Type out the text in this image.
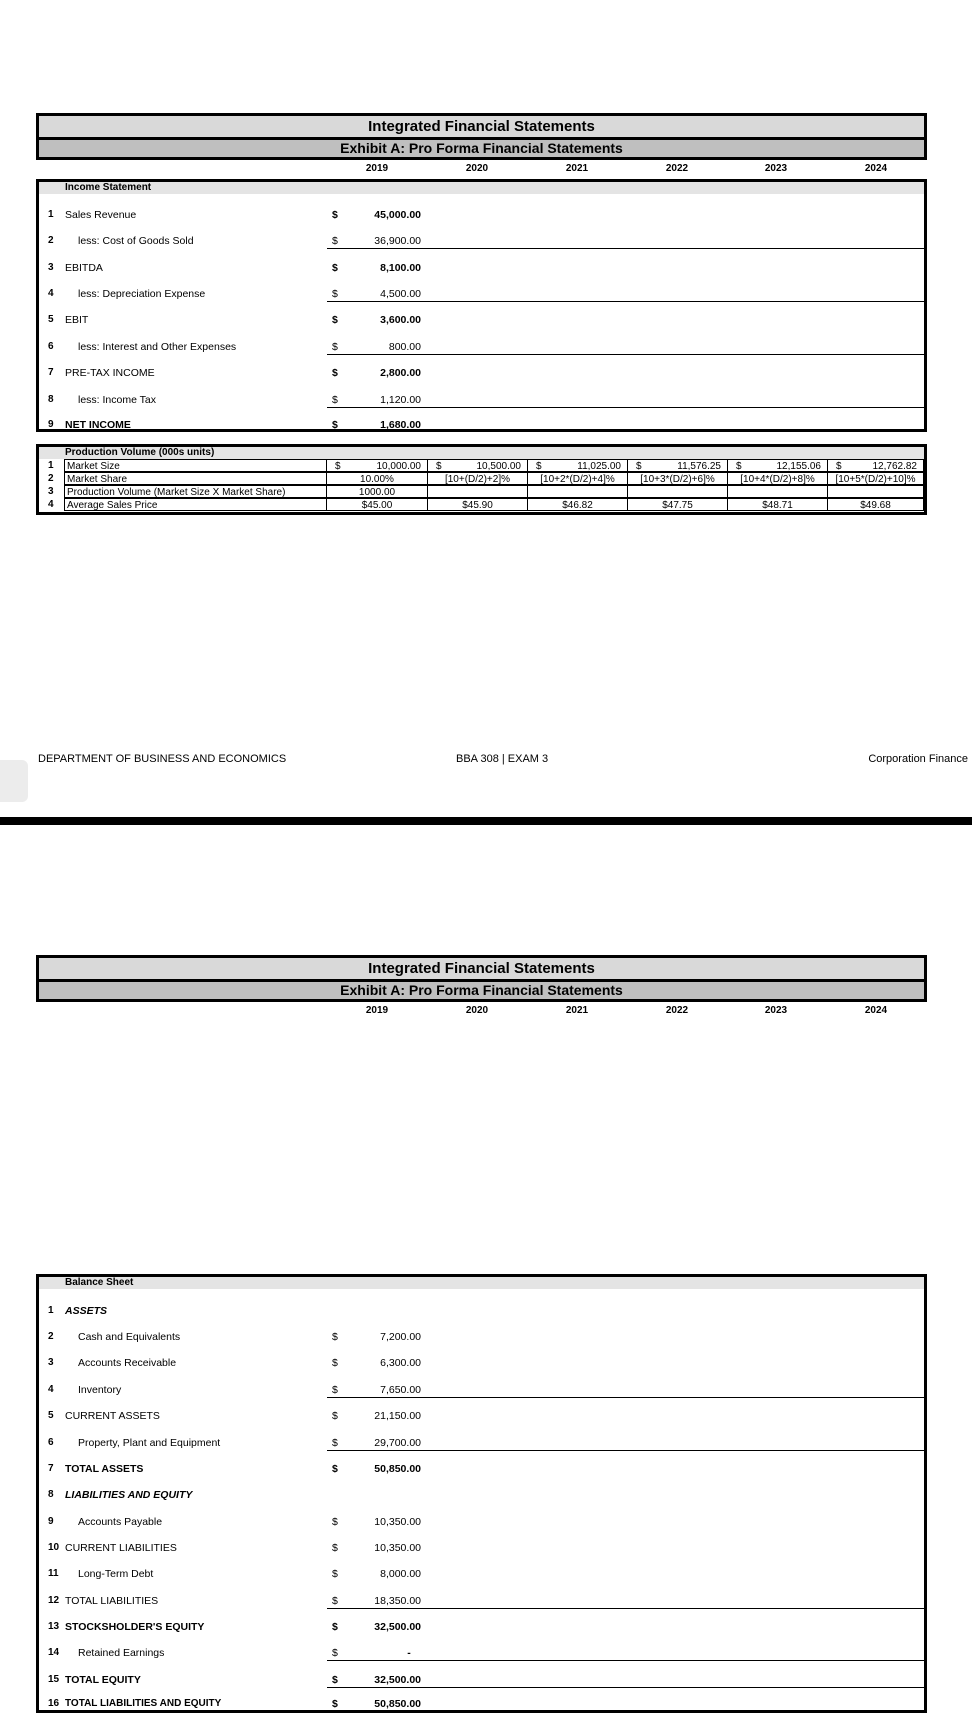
Integrated Financial Statements
Exhibit A: Pro Forma Financial Statements
2019	2020	2021	2022	2023	2024
Income Statement
1 Sales Revenue	$	45,000.00
2 less: Cost of Goods Sold	$	36,900.00
3 EBITDA	$	8,100.00
4 less: Depreciation Expense	$	4,500.00
5 EBIT	$	3,600.00
6 less: Interest and Other Expenses	$	800.00
7 PRE-TAX INCOME	$	2,800.00
8 less: Income Tax	$	1,120.00
9 NET INCOME	$	1,680.00
Production Volume (000s units)
1	Market Size	$	10,000.00 $	10,500.00 $	11,025.00 $	11,576.25 $	12,155.06 $	12,762.82
2	Market Share	10.00%	[10+(D/2)+2]%	[10+2*(D/2)+4]%	[10+3*(D/2)+6]%	[10+4*(D/2)+8]%	[10+5*(D/2)+10]%
3	Production Volume (Market Size X Market Share)	1000.00
4	Average Sales Price	$45.00	$45.90	$46.82	$47.75	$48.71	$49.68
DEPARTMENT OF BUSINESS AND ECONOMICS	BBA 308 | EXAM 3	Corporation Finance
Integrated Financial Statements
Exhibit A: Pro Forma Financial Statements
2019	2020	2021	2022	2023	2024
Balance Sheet
1 ASSETS
2 Cash and Equivalents	$	7,200.00
3 Accounts Receivable	$	6,300.00
4 Inventory	$	7,650.00
5 CURRENT ASSETS	$	21,150.00
6 Property, Plant and Equipment	$	29,700.00
7 TOTAL ASSETS	$	50,850.00
8 LIABILITIES AND EQUITY
9 Accounts Payable	$	10,350.00
10 CURRENT LIABILITIES	$	10,350.00
11 Long-Term Debt	$	8,000.00
12 TOTAL LIABILITIES	$	18,350.00
13 STOCKSHOLDER'S EQUITY	$	32,500.00
14 Retained Earnings	$	-
15 TOTAL EQUITY	$	32,500.00
16 TOTAL LIABILITIES AND EQUITY	$	50,850.00
